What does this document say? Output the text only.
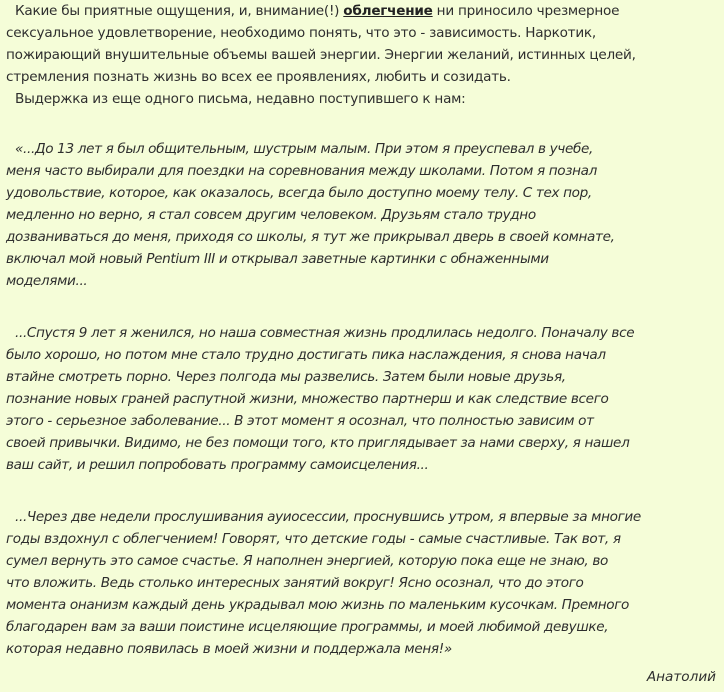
Какие бы приятные ощущения, и, внимание(!) облегчение ни приносило чрезмерное
сексуальное удовлетворение, необходимо понять, что это - зависимость. Наркотик,
пожирающий внушительные объемы вашей энергии. Энергии желаний, истинных целей,
стремления познать жизнь во всех ее проявлениях, любить и созидать.
Выдержка из еще одного письма, недавно поступившего к нам:
«...До 13 лет я был общительным, шустрым малым. При этом я преуспевал в учебе,
меня часто выбирали для поездки на соревнования между школами. Потом я познал
удовольствие, которое, как оказалось, всегда было доступно моему телу. С тех пор,
медленно но верно, я стал совсем другим человеком. Друзьям стало трудно
дозваниваться до меня, приходя со школы, я тут же прикрывал дверь в своей комнате,
включал мой новый Pentium III и открывал заветные картинки с обнаженными
моделями...
...Спустя 9 лет я женился, но наша совместная жизнь продлилась недолго. Поначалу все
было хорошо, но потом мне стало трудно достигать пика наслаждения, я снова начал
втайне смотреть порно. Через полгода мы развелись. Затем были новые друзья,
познание новых граней распутной жизни, множество партнерш и как следствие всего
этого - серьезное заболевание... В этот момент я осознал, что полностью зависим от
своей привычки. Видимо, не без помощи того, кто приглядывает за нами сверху, я нашел
ваш сайт, и решил попробовать программу самоисцеления...
...Через две недели прослушивания ауиосессии, проснувшись утром, я впервые за многие
годы вздохнул с облегчением! Говорят, что детские годы - самые счастливые. Так вот, я
сумел вернуть это самое счастье. Я наполнен энергией, которую пока еще не знаю, во
что вложить. Ведь столько интересных занятий вокруг! Ясно осознал, что до этого
момента онанизм каждый день украдывал мою жизнь по маленьким кусочкам. Премного
благодарен вам за ваши поистине исцеляющие программы, и моей любимой девушке,
которая недавно появилась в моей жизни и поддержала меня!»
Анатолий
